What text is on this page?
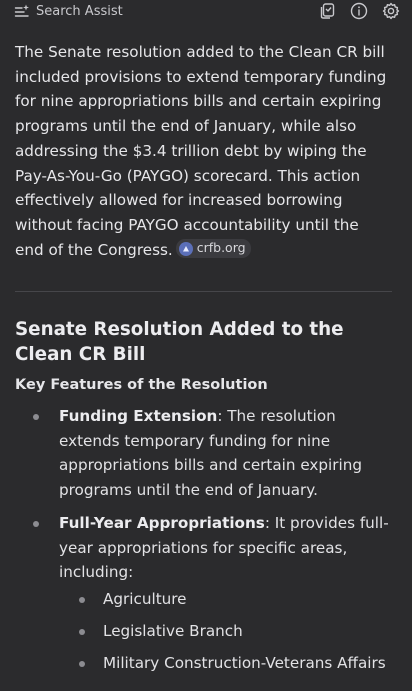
Search Assist

The Senate resolution added to the Clean CR bill included provisions to extend temporary funding for nine appropriations bills and certain expiring programs until the end of January, while also addressing the $3.4 trillion debt by wiping the Pay-As-You-Go (PAYGO) scorecard. This action effectively allowed for increased borrowing without facing PAYGO accountability until the end of the Congress. crfb.org

Senate Resolution Added to the Clean CR Bill
Key Features of the Resolution
Funding Extension: The resolution extends temporary funding for nine appropriations bills and certain expiring programs until the end of January.
Full-Year Appropriations: It provides full-year appropriations for specific areas, including:
Agriculture
Legislative Branch
Military Construction-Veterans Affairs
